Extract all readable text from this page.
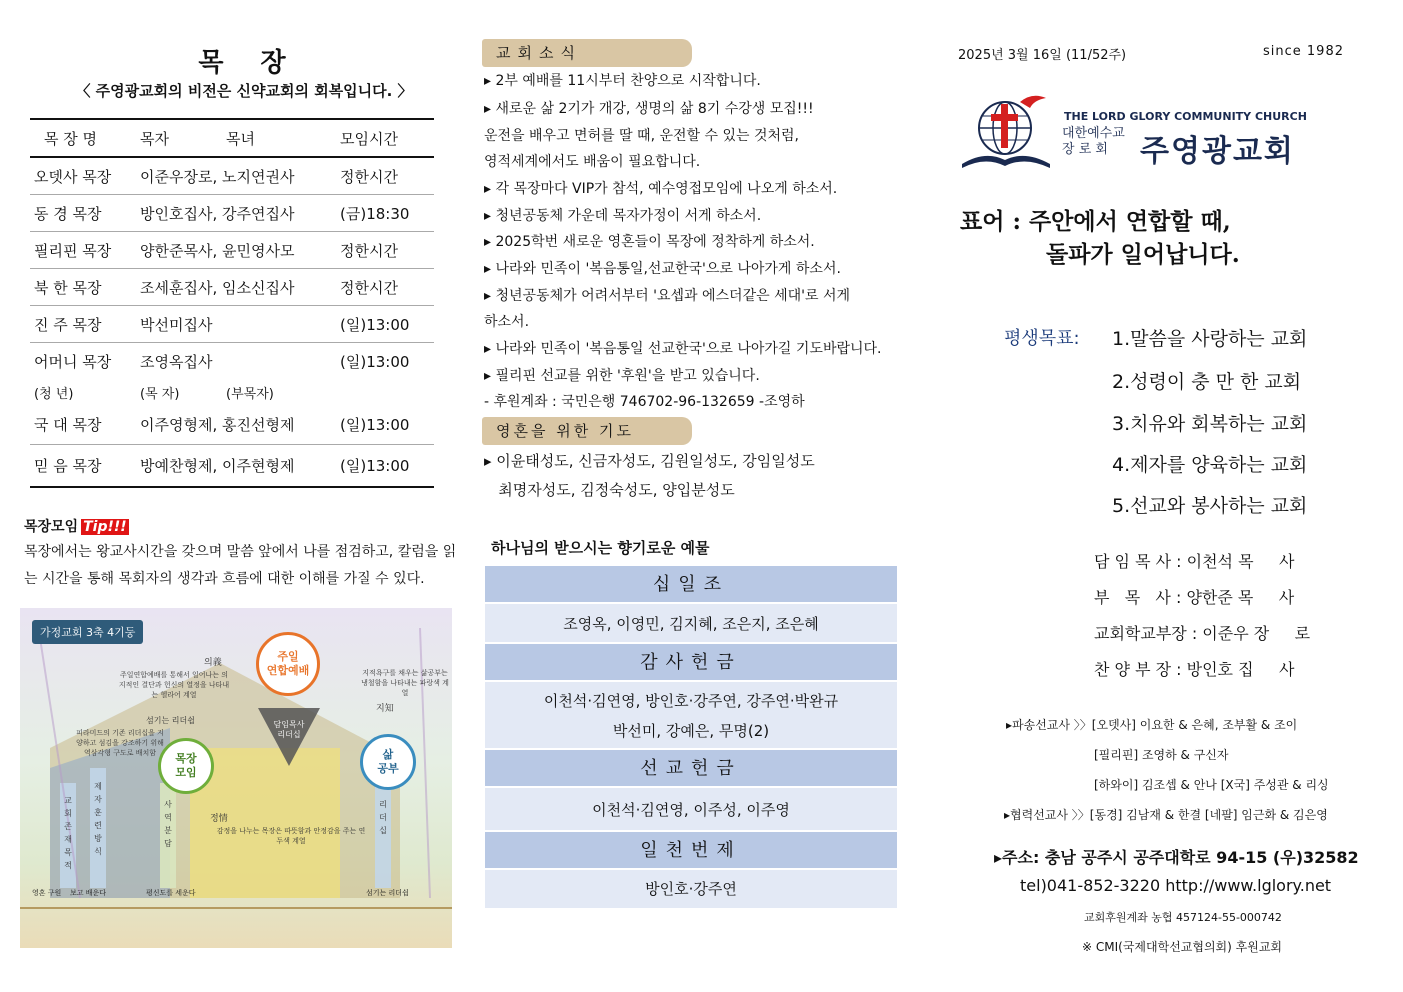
목 장
〈 주영광교회의 비전은 신약교회의 회복입니다. 〉
목 장 명	목자	목녀	모임시간
오뎃사 목장	이준우장로, 노지연권사	정한시간
동 경 목장	방인호집사, 강주연집사	(금)18:30
필리핀 목장	양한준목사, 윤민영사모	정한시간
북 한 목장	조세훈집사, 임소신집사	정한시간
진 주 목장	박선미집사	(일)13:00
어머니 목장	조영옥집사	(일)13:00
(청 년)	(목 자)	(부목자)
국 대 목장	이주영형제, 홍진선형제	(일)13:00
믿 음 목장	방예찬형제, 이주현형제	(일)13:00
목장모임 Tip!!!
목장에서는 왕교사시간을 갖으며 말씀 앞에서 나를 점검하고, 칼럼을 읽는 시간을 통해 목회자의 생각과 흐름에 대한 이해를 가질 수 있다.
가정교회 3축 4기둥
주일
연합예배
목장
모임
삶
공부
담임목사
리더십
의義
지知
정情
섬기는 리더쉽
주일연합예배를 통해서 일어나는 의지적인 결단과 헌신의 열정을 나타내는 헬라어 계열
지적욕구를 채우는 삶공부는 냉철함을 나타내는 파랑색 계열
피라미드의 기존 리더십을 지양하고 섬김을 강조하기 위해 역삼각형 구도로 배치함
감정을 나누는 목장은 따뜻함과 안정감을 주는 연두색 계열
교회존재목적
제자훈련방식
사역분담
리더십
영혼 구원 보고 배운다	평신도를 세운다	섬기는 리더쉽
교회소식
▸ 2부 예배를 11시부터 찬양으로 시작합니다.
▸ 새로운 삶 2기가 개강, 생명의 삶 8기 수강생 모집!!!
운전을 배우고 면허를 딸 때, 운전할 수 있는 것처럼,
영적세계에서도 배움이 필요합니다.
▸ 각 목장마다 VIP가 참석, 예수영접모임에 나오게 하소서.
▸ 청년공동체 가운데 목자가정이 서게 하소서.
▸ 2025학번 새로운 영혼들이 목장에 정착하게 하소서.
▸ 나라와 민족이 '복음통일,선교한국'으로 나아가게 하소서.
▸ 청년공동체가 어려서부터 '요셉과 에스더같은 세대'로 서게
하소서.
▸ 나라와 민족이 '복음통일 선교한국'으로 나아가길 기도바랍니다.
▸ 필리핀 선교를 위한 '후원'을 받고 있습니다.
- 후원계좌 : 국민은행 746702-96-132659 -조영하
영혼을 위한 기도
▸ 이윤태성도, 신금자성도, 김원일성도, 강임일성도
최명자성도, 김정숙성도, 양입분성도
하나님의 받으시는 향기로운 예물
십일조
조영옥, 이영민, 김지혜, 조은지, 조은혜
감사헌금
이천석·김연영, 방인호·강주연, 강주연·박완규
박선미, 강예은, 무명(2)
선교헌금
이천석·김연영, 이주성, 이주영
일천번제
방인호·강주연
2025년 3월 16일 (11/52주)	since 1982
THE LORD GLORY COMMUNITY CHURCH
대한예수교
장 로 회	주영광교회
표어 : 주안에서 연합할 때,
돌파가 일어납니다.
평생목표: 1.말씀을 사랑하는 교회
2.성령이 충 만 한 교회
3.치유와 회복하는 교회
4.제자를 양육하는 교회
5.선교와 봉사하는 교회
담 임 목 사 : 이천석 목     사
부   목   사 : 양한준 목     사
교회학교부장 : 이준우 장     로
찬 양 부 장 : 방인호 집     사
▸파송선교사 〉〉[오뎃사] 이요한 & 은혜, 조부활 & 조이
[필리핀] 조영하 & 구신자
[하와이] 김조셉 & 안나 [X국] 주성관 & 리싱
▸협력선교사 〉〉[동경] 김남재 & 한결 [네팔] 임근화 & 김은영
▸주소: 충남 공주시 공주대학로 94-15 (우)32582
tel)041-852-3220 http://www.lglory.net
교회후원계좌 농협 457124-55-000742
※ CMI(국제대학선교협의회) 후원교회
